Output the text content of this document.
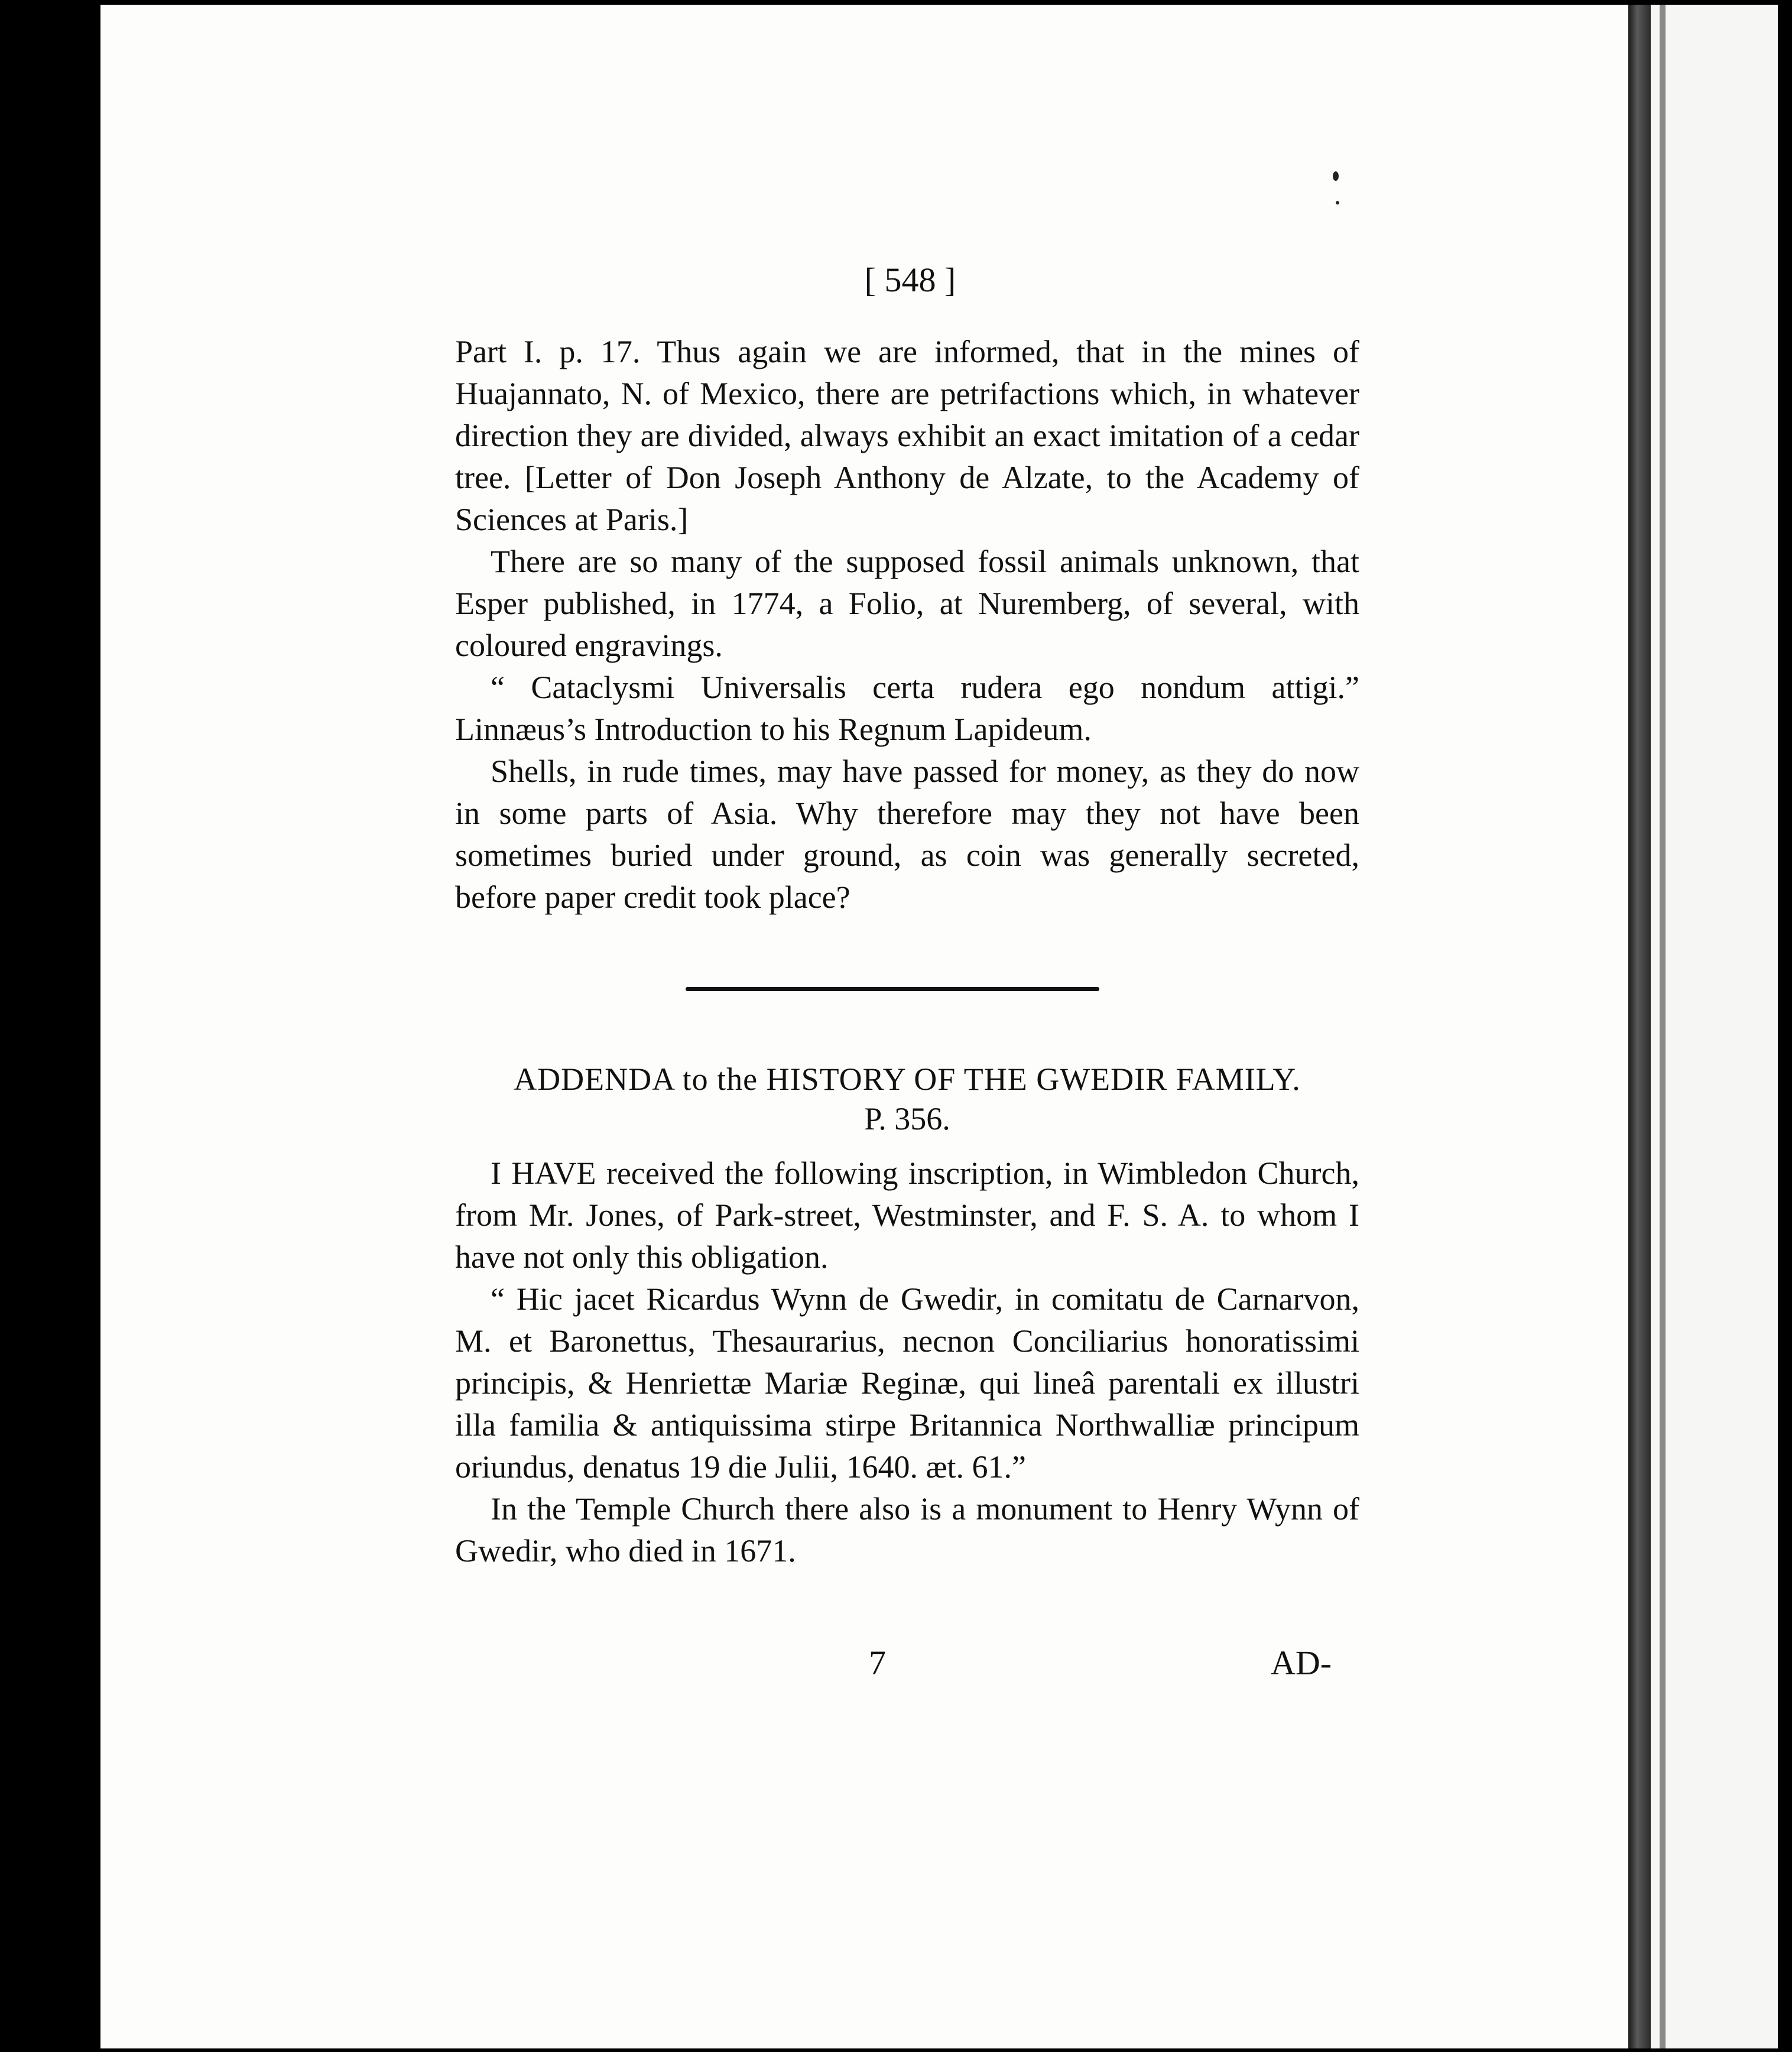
[ 548 ]

Part I. p. 17. Thus again we are informed, that in the mines of Huajannato, N. of Mexico, there are petrifactions which, in whatever direction they are divided, always exhibit an exact imitation of a cedar tree. [Letter of Don Joseph Anthony de Alzate, to the Academy of Sciences at Paris.]

There are so many of the supposed fossil animals unknown, that Esper published, in 1774, a Folio, at Nuremberg, of several, with coloured engravings.

“ Cataclysmi Universalis certa rudera ego nondum attigi.” Linnæus’s Introduction to his Regnum Lapideum.

Shells, in rude times, may have passed for money, as they do now in some parts of Asia. Why therefore may they not have been sometimes buried under ground, as coin was generally secreted, before paper credit took place?

ADDENDA to the HISTORY OF THE GWEDIR FAMILY.
P. 356.

I HAVE received the following inscription, in Wimbledon Church, from Mr. Jones, of Park-street, Westminster, and F. S. A. to whom I have not only this obligation.

“ Hic jacet Ricardus Wynn de Gwedir, in comitatu de Carnarvon, M. et Baronettus, Thesaurarius, necnon Conciliarius honoratissimi principis, & Henriettæ Mariæ Reginæ, qui lineâ parentali ex illustri illa familia & antiquissima stirpe Britannica Northwalliæ principum oriundus, denatus 19 die Julii, 1640. æt. 61.”

In the Temple Church there also is a monument to Henry Wynn of Gwedir, who died in 1671.

7	AD-
